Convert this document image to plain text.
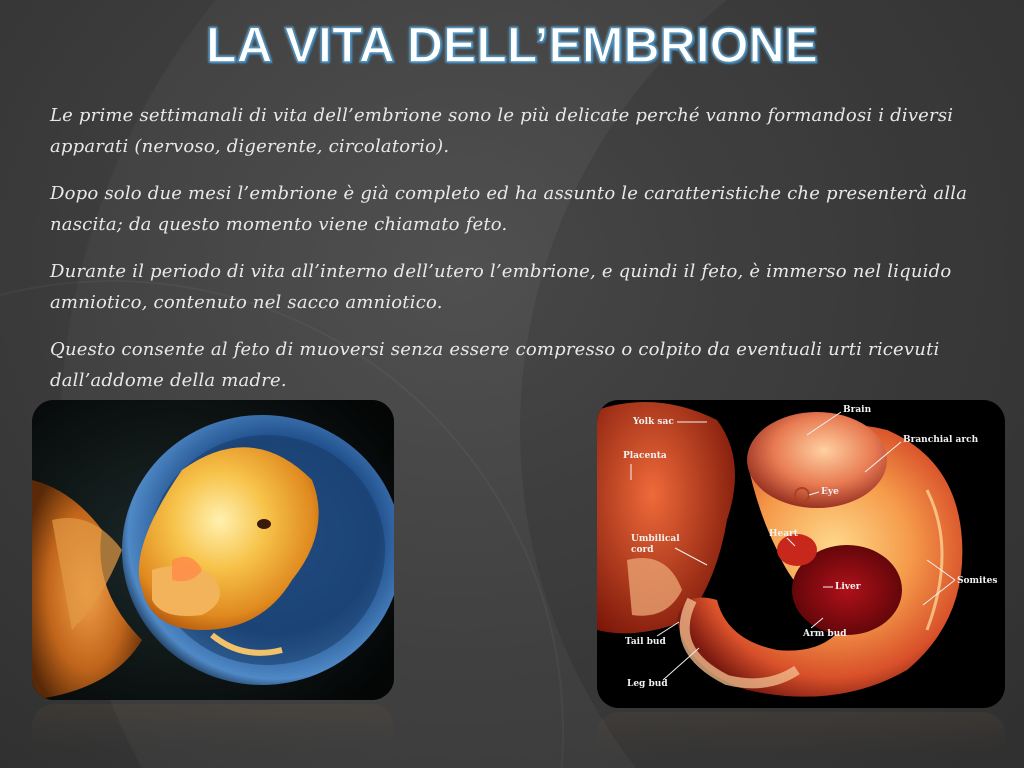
LA VITA DELL’EMBRIONE

Le prime settimanali di vita dell’embrione sono le più delicate perché vanno formandosi i diversi apparati (nervoso, digerente, circolatorio).

Dopo solo due mesi l’embrione è già completo ed ha assunto le caratteristiche che presenterà alla nascita; da questo momento viene chiamato feto.

Durante il periodo di vita all’interno dell’utero l’embrione, e quindi il feto, è immerso nel liquido amniotico, contenuto nel sacco amniotico.

Questo consente al feto di muoversi senza essere compresso o colpito da eventuali urti ricevuti dall’addome della madre.

Yolk sac
Brain
Placenta
Branchial arch
Eye
Umbilical
cord
Heart
Somites
Liver
Tail bud
Arm bud
Leg bud
